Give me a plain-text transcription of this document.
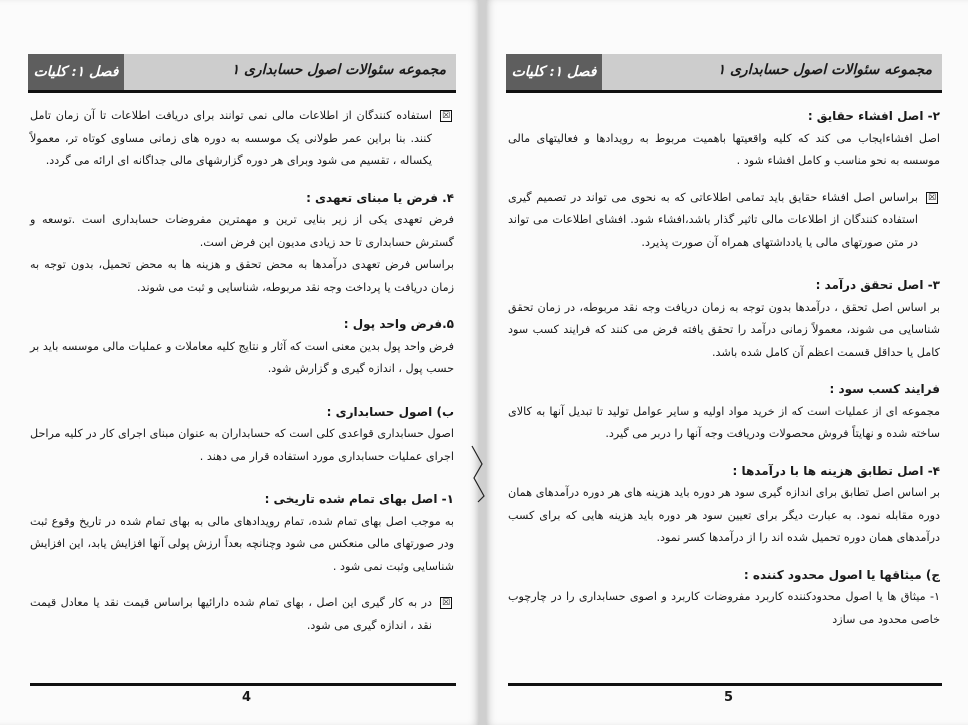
مجموعه سئوالات اصول حسابداری ۱
فصل ۱: کلیات

☒
استفاده کنندگان از اطلاعات مالی نمی توانند برای دریافت اطلاعات تا آن زمان تامل کنند. بنا براین عمر طولانی یک موسسه به دوره های زمانی مساوی کوتاه تر، معمولاً یکساله ، تقسیم می شود وبرای هر دوره گزارشهای مالی جداگانه ای ارائه می گردد.

۴. فرض یا مبنای تعهدی :

فرض تعهدی یکی از زیر بنایی ترین و مهمترین مفروضات حسابداری است .توسعه و گسترش حسابداری تا حد زیادی مدیون این فرض است.

براساس فرض تعهدی درآمدها به محض تحقق و هزینه ها به محض تحمیل، بدون توجه به زمان دریافت یا پرداخت وجه نقد مربوطه، شناسایی و ثبت می شوند.

۵.فرض واحد پول :

فرض واحد پول بدین معنی است که آثار و نتایج کلیه معاملات و عملیات مالی موسسه باید بر حسب پول ، اندازه گیری و گزارش شود.

ب) اصول حسابداری :

اصول حسابداری قواعدی کلی است که حسابداران به عنوان مبنای اجرای کار در کلیه مراحل اجرای عملیات حسابداری مورد استفاده قرار می دهند .

۱- اصل بهای تمام شده تاریخی :

به موجب اصل بهای تمام شده، تمام رویدادهای مالی به بهای تمام شده در تاریخ وقوع ثبت ودر صورتهای مالی منعکس می شود وچنانچه بعداً ارزش پولی آنها افزایش یابد، این افزایش شناسایی وثبت نمی شود .

☒
در به کار گیری این اصل ، بهای تمام شده دارائیها براساس قیمت نقد یا معادل قیمت نقد ، اندازه گیری می شود.

4
مجموعه سئوالات اصول حسابداری ۱
فصل ۱: کلیات

۲- اصل افشاء حقایق :

اصل افشاءایجاب می کند که کلیه واقعیتها باهمیت مربوط به رویدادها و فعالیتهای مالی موسسه به نحو مناسب و کامل افشاء شود .

☒
براساس اصل افشاء حقایق باید تمامی اطلاعاتی که به نحوی می تواند در تصمیم گیری استفاده کنندگان از اطلاعات مالی تاثیر گذار باشد،افشاء شود. افشای اطلاعات می تواند در متن صورتهای مالی یا یادداشتهای همراه آن صورت پذیرد.

۳- اصل تحقق درآمد :

بر اساس اصل تحقق ، درآمدها بدون توجه به زمان دریافت وجه نقد مربوطه، در زمان تحقق شناسایی می شوند، معمولاً زمانی درآمد را تحقق یافته فرض می کنند که فرایند کسب سود کامل یا حداقل قسمت اعظم آن کامل شده باشد.

فرایند کسب سود :

مجموعه ای از عملیات است که از خرید مواد اولیه و سایر عوامل تولید تا تبدیل آنها به کالای ساخته شده و نهایتاً فروش محصولات ودریافت وجه آنها را دربر می گیرد.

۴- اصل تطابق هزینه ها با درآمدها :

بر اساس اصل تطابق برای اندازه گیری سود هر دوره باید هزینه های هر دوره درآمدهای همان دوره مقابله نمود. به عبارت دیگر برای تعیین سود هر دوره باید هزینه هایی که برای کسب درآمدهای همان دوره تحمیل شده اند را از درآمدها کسر نمود.

ج) میثاقها یا اصول محدود کننده :

۱- میثاق ها یا اصول محدودکننده کاربرد مفروضات کاربرد و اصوی حسابداری را در چارچوب خاصی محدود می سازد

5
